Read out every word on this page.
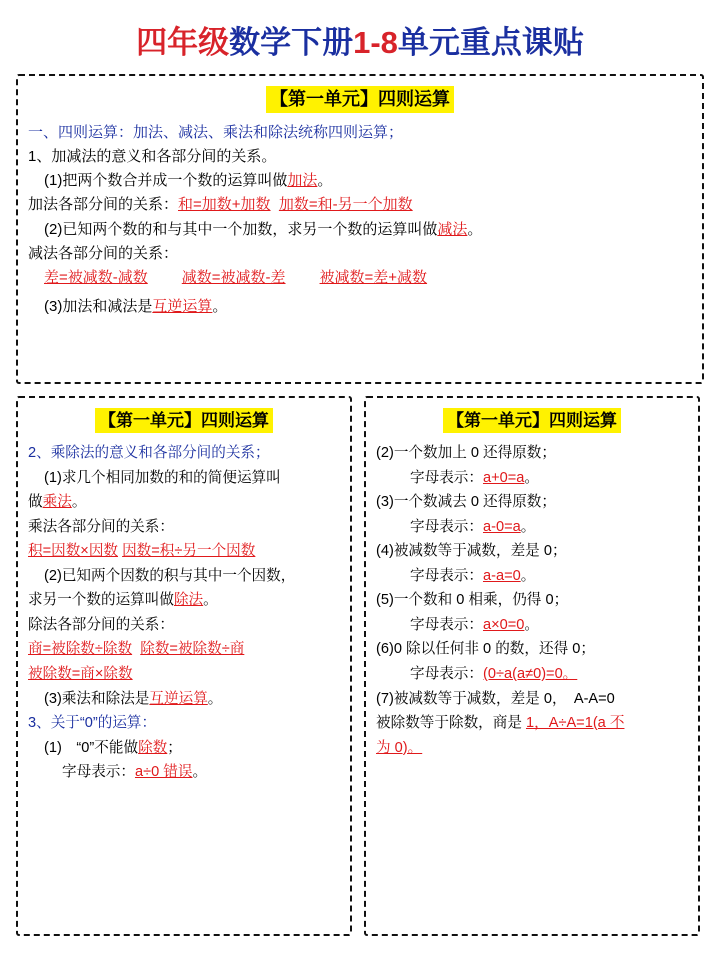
四年级数学下册1-8单元重点课贴
【第一单元】四则运算

一、四则运算：加法、减法、乘法和除法统称四则运算；

1、加减法的意义和各部分间的关系。

(1)把两个数合并成一个数的运算叫做加法。

加法各部分间的关系：和=加数+加数 加数=和-另一个加数

(2)已知两个数的和与其中一个加数，求另一个数的运算叫做减法。

减法各部分间的关系：

差=被减数-减数 减数=被减数-差 被减数=差+减数

(3)加法和减法是互逆运算。

【第一单元】四则运算

2、乘除法的意义和各部分间的关系；

(1)求几个相同加数的和的简便运算叫

做乘法。

乘法各部分间的关系：

积=因数×因数 因数=积÷另一个因数

(2)已知两个因数的积与其中一个因数，

求另一个数的运算叫做除法。

除法各部分间的关系：

商=被除数÷除数 除数=被除数÷商

被除数=商×除数

(3)乘法和除法是互逆运算。

3、关于“0”的运算：

(1)　“0”不能做除数；

字母表示：a÷0 错误。

【第一单元】四则运算

(2)一个数加上 0 还得原数；

字母表示：a+0=a。

(3)一个数减去 0 还得原数；

字母表示：a-0=a。

(4)被减数等于减数，差是 0；

字母表示：a-a=0。

(5)一个数和 0 相乘，仍得 0；

字母表示：a×0=0。

(6)0 除以任何非 0 的数，还得 0；

字母表示：(0÷a(a≠0)=0。

(7)被减数等于减数，差是 0，　A-A=0

被除数等于除数，商是 1，A÷A=1(a 不

为 0)。
